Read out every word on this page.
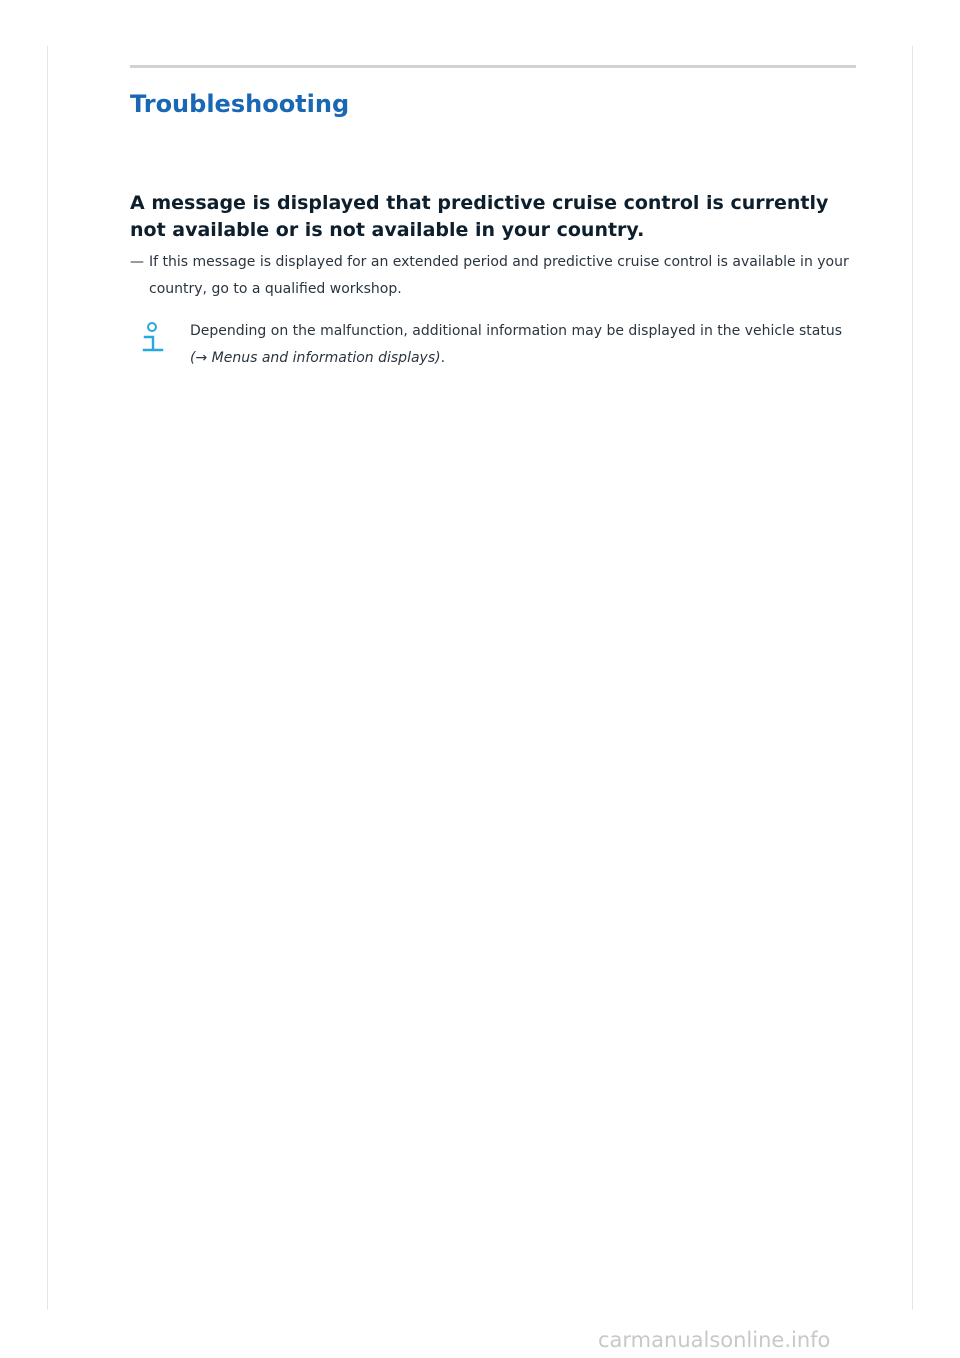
Troubleshooting
A message is displayed that predictive cruise control is currently not available or is not available in your country.
— If this message is displayed for an extended period and predictive cruise control is available in your country, go to a qualified workshop.
Depending on the malfunction, additional information may be displayed in the vehicle status (→ Menus and information displays).
carmanualsonline.info
